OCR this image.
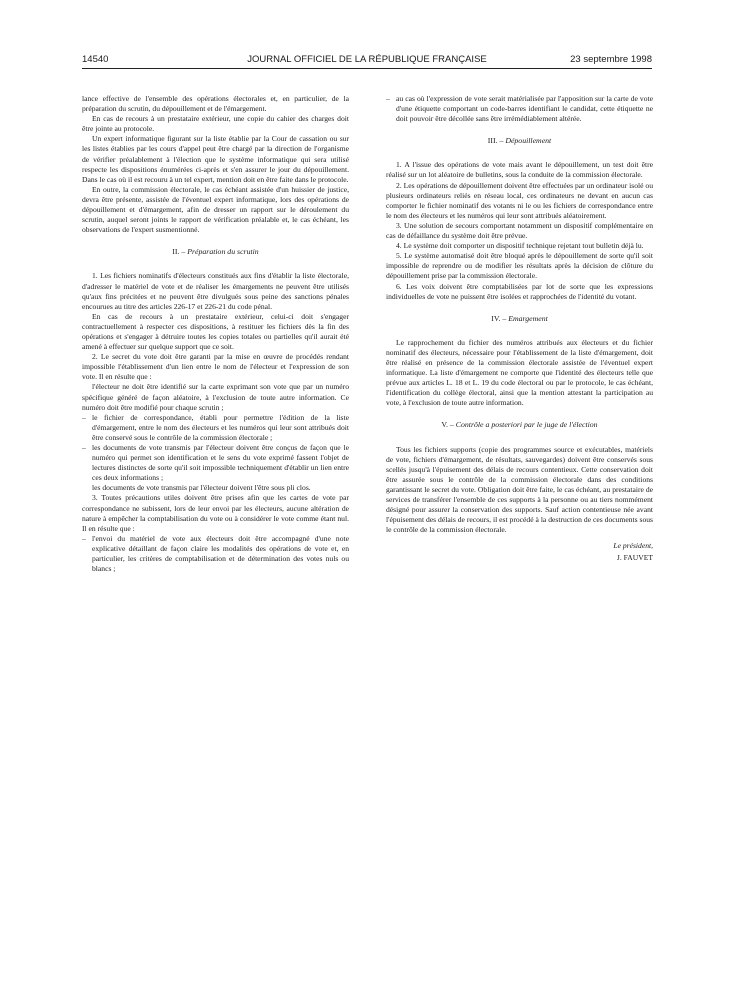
14540	JOURNAL OFFICIEL DE LA RÉPUBLIQUE FRANÇAISE	23 septembre 1998

lance effective de l'ensemble des opérations électorales et, en particulier, de la préparation du scrutin, du dépouillement et de l'émargement.

En cas de recours à un prestataire extérieur, une copie du cahier des charges doit être jointe au protocole.

Un expert informatique figurant sur la liste établie par la Cour de cassation ou sur les listes établies par les cours d'appel peut être chargé par la direction de l'organisme de vérifier préalablement à l'élection que le système informatique qui sera utilisé respecte les dispositions énumérées ci-après et s'en assurer le jour du dépouillement. Dans le cas où il est recouru à un tel expert, mention doit en être faite dans le protocole.

En outre, la commission électorale, le cas échéant assistée d'un huissier de justice, devra être présente, assistée de l'éventuel expert informatique, lors des opérations de dépouillement et d'émargement, afin de dresser un rapport sur le déroulement du scrutin, auquel seront joints le rapport de vérification préalable et, le cas échéant, les observations de l'expert susmentionné.

II. – Préparation du scrutin

1. Les fichiers nominatifs d'électeurs constitués aux fins d'établir la liste électorale, d'adresser le matériel de vote et de réaliser les émargements ne peuvent être utilisés qu'aux fins précitées et ne peuvent être divulgués sous peine des sanctions pénales encourues au titre des articles 226-17 et 226-21 du code pénal.

En cas de recours à un prestataire extérieur, celui-ci doit s'engager contractuellement à respecter ces dispositions, à restituer les fichiers dès la fin des opérations et s'engager à détruire toutes les copies totales ou partielles qu'il aurait été amené à effectuer sur quelque support que ce soit.

2. Le secret du vote doit être garanti par la mise en œuvre de procédés rendant impossible l'établissement d'un lien entre le nom de l'électeur et l'expression de son vote. Il en résulte que :

l'électeur ne doit être identifié sur la carte exprimant son vote que par un numéro spécifique généré de façon aléatoire, à l'exclusion de toute autre information. Ce numéro doit être modifié pour chaque scrutin ;

– le fichier de correspondance, établi pour permettre l'édition de la liste d'émargement, entre le nom des électeurs et les numéros qui leur sont attribués doit être conservé sous le contrôle de la commission électorale ;
– les documents de vote transmis par l'électeur doivent être conçus de façon que le numéro qui permet son identification et le sens du vote exprimé fassent l'objet de lectures distinctes de sorte qu'il soit impossible techniquement d'établir un lien entre ces deux informations ;

les documents de vote transmis par l'électeur doivent l'être sous pli clos.

3. Toutes précautions utiles doivent être prises afin que les cartes de vote par correspondance ne subissent, lors de leur envoi par les électeurs, aucune altération de nature à empêcher la comptabilisation du vote ou à considérer le vote comme étant nul. Il en résulte que :

– l'envoi du matériel de vote aux électeurs doit être accompagné d'une note explicative détaillant de façon claire les modalités des opérations de vote et, en particulier, les critères de comptabilisation et de détermination des votes nuls ou blancs ;
– au cas où l'expression de vote serait matérialisée par l'apposition sur la carte de vote d'une étiquette comportant un code-barres identifiant le candidat, cette étiquette ne doit pouvoir être décollée sans être irrémédiablement altérée.
III. – Dépouillement

1. A l'issue des opérations de vote mais avant le dépouillement, un test doit être réalisé sur un lot aléatoire de bulletins, sous la conduite de la commission électorale.

2. Les opérations de dépouillement doivent être effectuées par un ordinateur isolé ou plusieurs ordinateurs reliés en réseau local, ces ordinateurs ne devant en aucun cas comporter le fichier nominatif des votants ni le ou les fichiers de correspondance entre le nom des électeurs et les numéros qui leur sont attribués aléatoirement.

3. Une solution de secours comportant notamment un dispositif complémentaire en cas de défaillance du système doit être prévue.

4. Le système doit comporter un dispositif technique rejetant tout bulletin déjà lu.

5. Le système automatisé doit être bloqué après le dépouillement de sorte qu'il soit impossible de reprendre ou de modifier les résultats après la décision de clôture du dépouillement prise par la commission électorale.

6. Les voix doivent être comptabilisées par lot de sorte que les expressions individuelles de vote ne puissent être isolées et rapprochées de l'identité du votant.

IV. – Emargement

Le rapprochement du fichier des numéros attribués aux électeurs et du fichier nominatif des électeurs, nécessaire pour l'établissement de la liste d'émargement, doit être réalisé en présence de la commission électorale assistée de l'éventuel expert informatique. La liste d'émargement ne comporte que l'identité des électeurs telle que prévue aux articles L. 18 et L. 19 du code électoral ou par le protocole, le cas échéant, l'identification du collège électoral, ainsi que la mention attestant la participation au vote, à l'exclusion de toute autre information.

V. – Contrôle a posteriori par le juge de l'élection

Tous les fichiers supports (copie des programmes source et exécutables, matériels de vote, fichiers d'émargement, de résultats, sauvegardes) doivent être conservés sous scellés jusqu'à l'épuisement des délais de recours contentieux. Cette conservation doit être assurée sous le contrôle de la commission électorale dans des conditions garantissant le secret du vote. Obligation doit être faite, le cas échéant, au prestataire de services de transférer l'ensemble de ces supports à la personne ou au tiers nommément désigné pour assurer la conservation des supports. Sauf action contentieuse née avant l'épuisement des délais de recours, il est procédé à la destruction de ces documents sous le contrôle de la commission électorale.

Le président,
J. FAUVET
